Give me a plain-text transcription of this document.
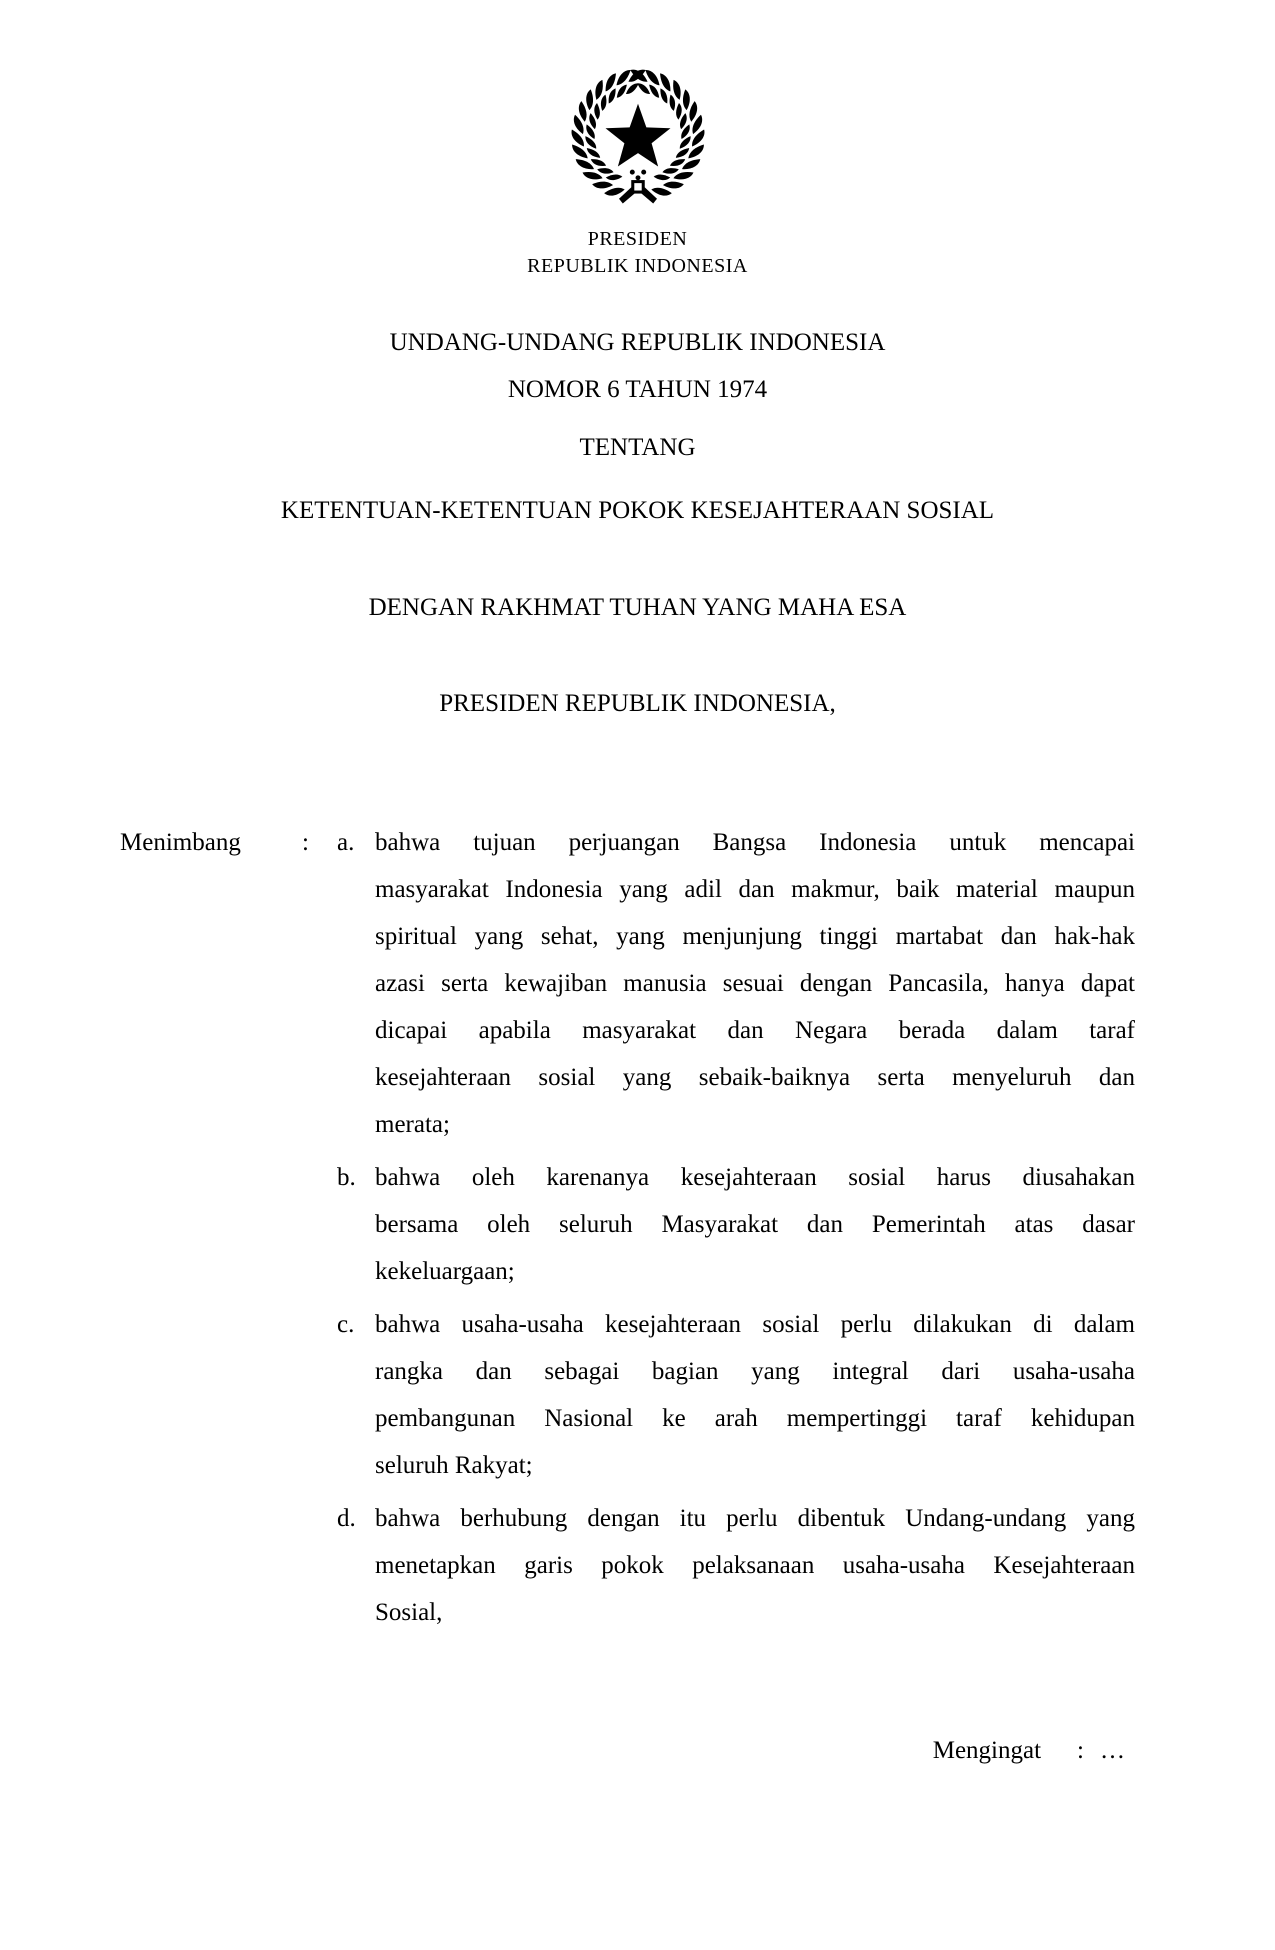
PRESIDEN
REPUBLIK INDONESIA
UNDANG-UNDANG REPUBLIK INDONESIA
NOMOR 6 TAHUN 1974
TENTANG
KETENTUAN-KETENTUAN POKOK KESEJAHTERAAN SOSIAL
DENGAN RAKHMAT TUHAN YANG MAHA ESA
PRESIDEN REPUBLIK INDONESIA,
Menimbang	:	a. bahwa tujuan perjuangan Bangsa Indonesia untuk mencapai
masyarakat Indonesia yang adil dan makmur, baik material maupun
spiritual yang sehat, yang menjunjung tinggi martabat dan hak-hak
azasi serta kewajiban manusia sesuai dengan Pancasila, hanya dapat
dicapai apabila masyarakat dan Negara berada dalam taraf
kesejahteraan sosial yang sebaik-baiknya serta menyeluruh dan
merata;
b. bahwa oleh karenanya kesejahteraan sosial harus diusahakan
bersama oleh seluruh Masyarakat dan Pemerintah atas dasar
kekeluargaan;
c. bahwa usaha-usaha kesejahteraan sosial perlu dilakukan di dalam
rangka dan sebagai bagian yang integral dari usaha-usaha
pembangunan Nasional ke arah mempertinggi taraf kehidupan
seluruh Rakyat;
d. bahwa berhubung dengan itu perlu dibentuk Undang-undang yang
menetapkan garis pokok pelaksanaan usaha-usaha Kesejahteraan
Sosial,
Mengingat : …
